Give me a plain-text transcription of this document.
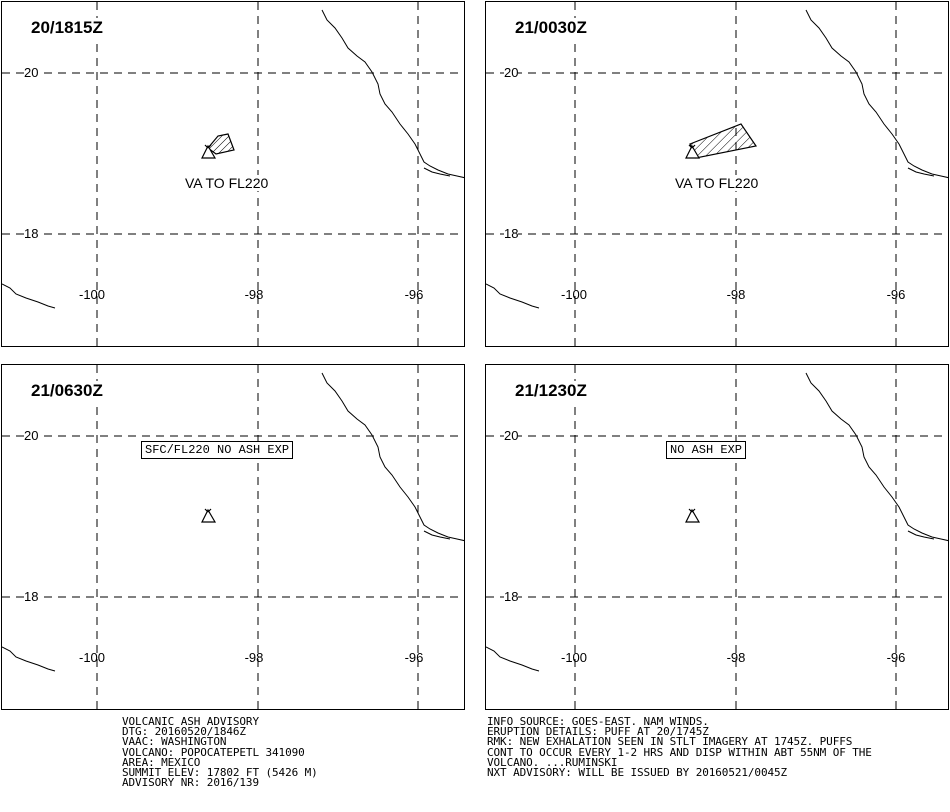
20/1815Z
20
18
-100	-98	-96
VA TO FL220
21/0030Z
20
18
-100	-98	-96
VA TO FL220
21/0630Z
20
18
-100	-98	-96
SFC/FL220 NO ASH EXP
21/1230Z
20
18
-100	-98	-96
NO ASH EXP
VOLCANIC ASH ADVISORY
DTG: 20160520/1846Z
VAAC: WASHINGTON
VOLCANO: POPOCATEPETL 341090
AREA: MEXICO
SUMMIT ELEV: 17802 FT (5426 M)
ADVISORY NR: 2016/139
INFO SOURCE: GOES-EAST. NAM WINDS.
ERUPTION DETAILS: PUFF AT 20/1745Z
RMK: NEW EXHALATION SEEN IN STLT IMAGERY AT 1745Z. PUFFS
CONT TO OCCUR EVERY 1-2 HRS AND DISP WITHIN ABT 55NM OF THE
VOLCANO. ...RUMINSKI
NXT ADVISORY: WILL BE ISSUED BY 20160521/0045Z
